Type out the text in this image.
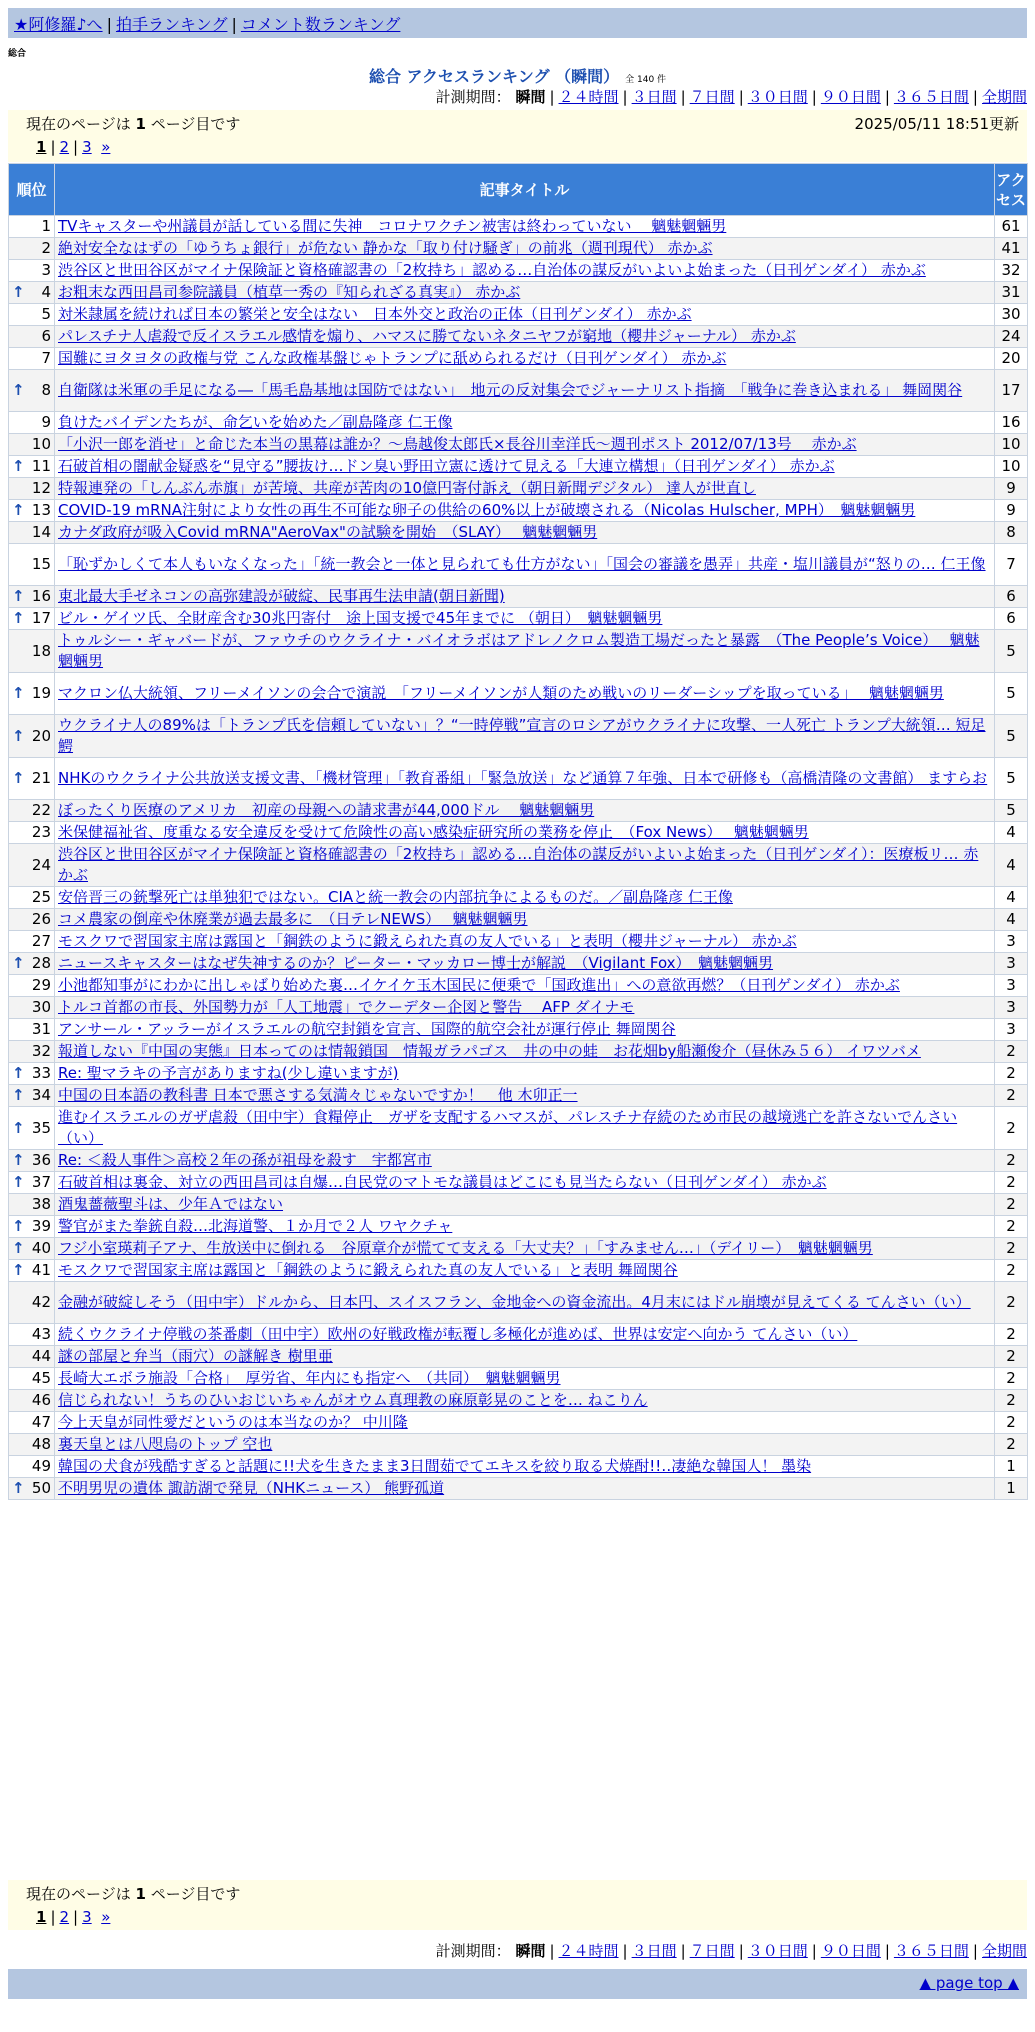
★阿修羅♪へ | 拍手ランキング | コメント数ランキング
総合
総合 アクセスランキング （瞬間） 全 140 件
計測期間： 瞬間 | ２４時間 | ３日間 | ７日間 | ３０日間 | ９０日間 | ３６５日間 | 全期間
現在のページは 1 ページ目です	2025/05/11 18:51更新
1 | 2 | 3 »
順位	記事タイトル	アクセス
1	TVキャスターや州議員が話している間に失神　コロナワクチン被害は終わっていない　 魑魅魍魎男	61
2	絶対安全なはずの「ゆうちょ銀行」が危ない 静かな「取り付け騒ぎ」の前兆（週刊現代） 赤かぶ	41
3	渋谷区と世田谷区がマイナ保険証と資格確認書の「2枚持ち」認める…自治体の謀反がいよいよ始まった（日刊ゲンダイ） 赤かぶ	32

↑ 4	お粗末な西田昌司参院議員（植草一秀の『知られざる真実』） 赤かぶ	31
5	対米隷属を続ければ日本の繁栄と安全はない　日本外交と政治の正体（日刊ゲンダイ） 赤かぶ	30
6	パレスチナ人虐殺で反イスラエル感情を煽り、ハマスに勝てないネタニヤフが窮地（櫻井ジャーナル） 赤かぶ	24
7	国難にヨタヨタの政権与党 こんな政権基盤じゃトランプに舐められるだけ（日刊ゲンダイ） 赤かぶ	20

↑ 8	自衛隊は米軍の手足になる―「馬毛島基地は国防ではない」　地元の反対集会でジャーナリスト指摘　「戦争に巻き込まれる」 舞岡関谷	17
9	負けたバイデンたちが、命乞いを始めた／副島隆彦 仁王像	16
10	「小沢一郎を消せ」と命じた本当の黒幕は誰か？～鳥越俊太郎氏×長谷川幸洋氏～週刊ポスト 2012/07/13号　 赤かぶ	10

↑ 11	石破首相の闇献金疑惑を“見守る”腰抜け…ドン臭い野田立憲に透けて見える「大連立構想」（日刊ゲンダイ） 赤かぶ	10
12	特報連発の「しんぶん赤旗」が苦境、共産が苦肉の10億円寄付訴え（朝日新聞デジタル） 達人が世直し	9

↑ 13	COVID-19 mRNA注射により女性の再生不可能な卵子の供給の60%以上が破壊される（Nicolas Hulscher, MPH）　魑魅魍魎男	9
14	カナダ政府が吸入Covid mRNA"AeroVax"の試験を開始　（SLAY）　 魑魅魍魎男	8
15	「恥ずかしくて本人もいなくなった」「統一教会と一体と見られても仕方がない」「国会の審議を愚弄」共産・塩川議員が“怒りの… 仁王像	7

↑ 16	東北最大手ゼネコンの高弥建設が破綻、民事再生法申請(朝日新聞)	6

↑ 17	ビル・ゲイツ氏、全財産含む30兆円寄付　途上国支援で45年までに （朝日）　魑魅魍魎男	6
18	トゥルシー・ギャバードが、ファウチのウクライナ・バイオラボはアドレノクロム製造工場だったと暴露　（The People’s Voice）　 魑魅魍魎男	5

↑ 19	マクロン仏大統領、フリーメイソンの会合で演説　「フリーメイソンが人類のため戦いのリーダーシップを取っている」　 魑魅魍魎男	5

↑ 20	ウクライナ人の89%は「トランプ氏を信頼していない」？“一時停戦”宣言のロシアがウクライナに攻撃、一人死亡 トランプ大統領… 短足鰐	5

↑ 21	NHKのウクライナ公共放送支援文書、「機材管理」「教育番組」「緊急放送」など通算７年強、日本で研修も（高橋清隆の文書館） ますらお	5
22	ぼったくり医療のアメリカ　初産の母親への請求書が44,000ドル　 魑魅魍魎男	5
23	米保健福祉省、度重なる安全違反を受けて危険性の高い感染症研究所の業務を停止　（Fox News）　 魑魅魍魎男	4
24	渋谷区と世田谷区がマイナ保険証と資格確認書の「2枚持ち」認める…自治体の謀反がいよいよ始まった（日刊ゲンダイ）：医療板リ… 赤かぶ	4
25	安倍晋三の銃撃死亡は単独犯ではない。CIAと統一教会の内部抗争によるものだ。／副島隆彦 仁王像	4
26	コメ農家の倒産や休廃業が過去最多に　（日テレNEWS）　 魑魅魍魎男	4
27	モスクワで習国家主席は露国と「鋼鉄のように鍛えられた真の友人でいる」と表明（櫻井ジャーナル） 赤かぶ	3

↑ 28	ニュースキャスターはなぜ失神するのか？ピーター・マッカロー博士が解説　（Vigilant Fox）　魑魅魍魎男	3
29	小池都知事がにわかに出しゃばり始めた裏…イケイケ玉木国民に便乗で「国政進出」への意欲再燃？（日刊ゲンダイ） 赤かぶ	3
30	トルコ首都の市長、外国勢力が「人工地震」でクーデター企図と警告　 AFP ダイナモ	3
31	アンサール・アッラーがイスラエルの航空封鎖を宣言、国際的航空会社が運行停止 舞岡関谷	3
32	報道しない『中国の実態』日本ってのは情報鎖国　情報ガラパゴス　井の中の蛙　お花畑by船瀬俊介（昼休み５６） イワツバメ	2

↑ 33	Re: 聖マラキの予言がありますね(少し違いますが)	2

↑ 34	中国の日本語の教科書 日本で悪さする気満々じゃないですか！　他 木卯正一	2

↑ 35	進むイスラエルのガザ虐殺（田中宇）食糧停止　ガザを支配するハマスが、パレスチナ存続のため市民の越境逃亡を許さないでんさい（い）	2

↑ 36	Re: ＜殺人事件＞高校２年の孫が祖母を殺す　宇都宮市	2

↑ 37	石破首相は裏金、対立の西田昌司は自爆…自民党のマトモな議員はどこにも見当たらない（日刊ゲンダイ） 赤かぶ	2
38	酒鬼薔薇聖斗は、少年Ａではない	2

↑ 39	警官がまた拳銃自殺…北海道警、１か月で２人 ワヤクチャ	2

↑ 40	フジ小室瑛莉子アナ、生放送中に倒れる　谷原章介が慌てて支える「大丈夫？」「すみません…」（デイリー）　魑魅魍魎男	2

↑ 41	モスクワで習国家主席は露国と「鋼鉄のように鍛えられた真の友人でいる」と表明 舞岡関谷	2
42	金融が破綻しそう（田中宇）ドルから、日本円、スイスフラン、金地金への資金流出。4月末にはドル崩壊が見えてくる てんさい（い）	2
43	続くウクライナ停戦の茶番劇（田中宇）欧州の好戦政権が転覆し多極化が進めば、世界は安定へ向かう てんさい（い）	2
44	謎の部屋と弁当（雨穴）の謎解き 樹里亜	2
45	長崎大エボラ施設「合格」　厚労省、年内にも指定へ　（共同）　魑魅魍魎男	2
46	信じられない！うちのひいおじいちゃんがオウム真理教の麻原彰晃のことを… ねこりん	2
47	今上天皇が同性愛だというのは本当なのか？ 中川隆	2
48	裏天皇とは八咫烏のトップ 空也	2
49	韓国の犬食が残酷すぎると話題に!!犬を生きたまま3日間茹でてエキスを絞り取る犬焼酎!!‥凄絶な韓国人！ 墨染	1

↑ 50	不明男児の遺体 諏訪湖で発見（NHKニュース） 熊野孤道	1
現在のページは 1 ページ目です
1 | 2 | 3 »
計測期間： 瞬間 | ２４時間 | ３日間 | ７日間 | ３０日間 | ９０日間 | ３６５日間 | 全期間
▲ page top ▲
